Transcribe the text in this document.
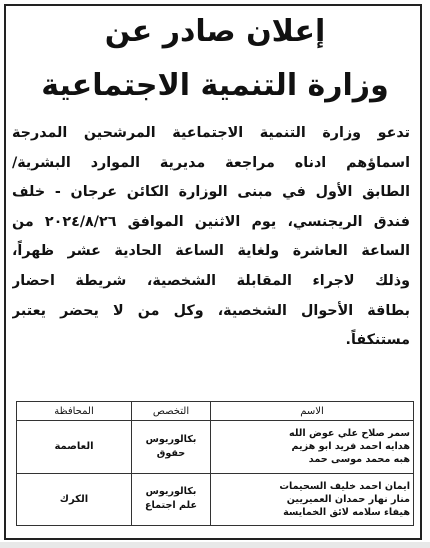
إعلان صادر عن
وزارة التنمية الاجتماعية
تدعو وزارة التنمية الاجتماعية المرشحين المدرجة
اسماؤهم ادناه مراجعة مديرية الموارد البشرية/
الطابق الأول في مبنى الوزارة الكائن عرجان - خلف
فندق الريجنسي، يوم الاثنين الموافق ٢٠٢٤/٨/٢٦ من
الساعة العاشرة ولغاية الساعة الحادية عشر ظهراً،
وذلك لاجراء المقابلة الشخصية، شريطة احضار
بطاقة الأحوال الشخصية، وكل من لا يحضر يعتبر
مستنكفاً.
الاسم	التخصص	المحافظة

سمر صلاح علي عوض الله
هدايه احمد فريد ابو هزيم
هبه محمد موسى حمد	بكالوريوس
حقوق	العاصمة

ايمان احمد خليف السحيمات
منار نهار حمدان العميريين
هيفاء سلامه لائق الخمايسة	بكالوريوس
علم اجتماع	الكرك
